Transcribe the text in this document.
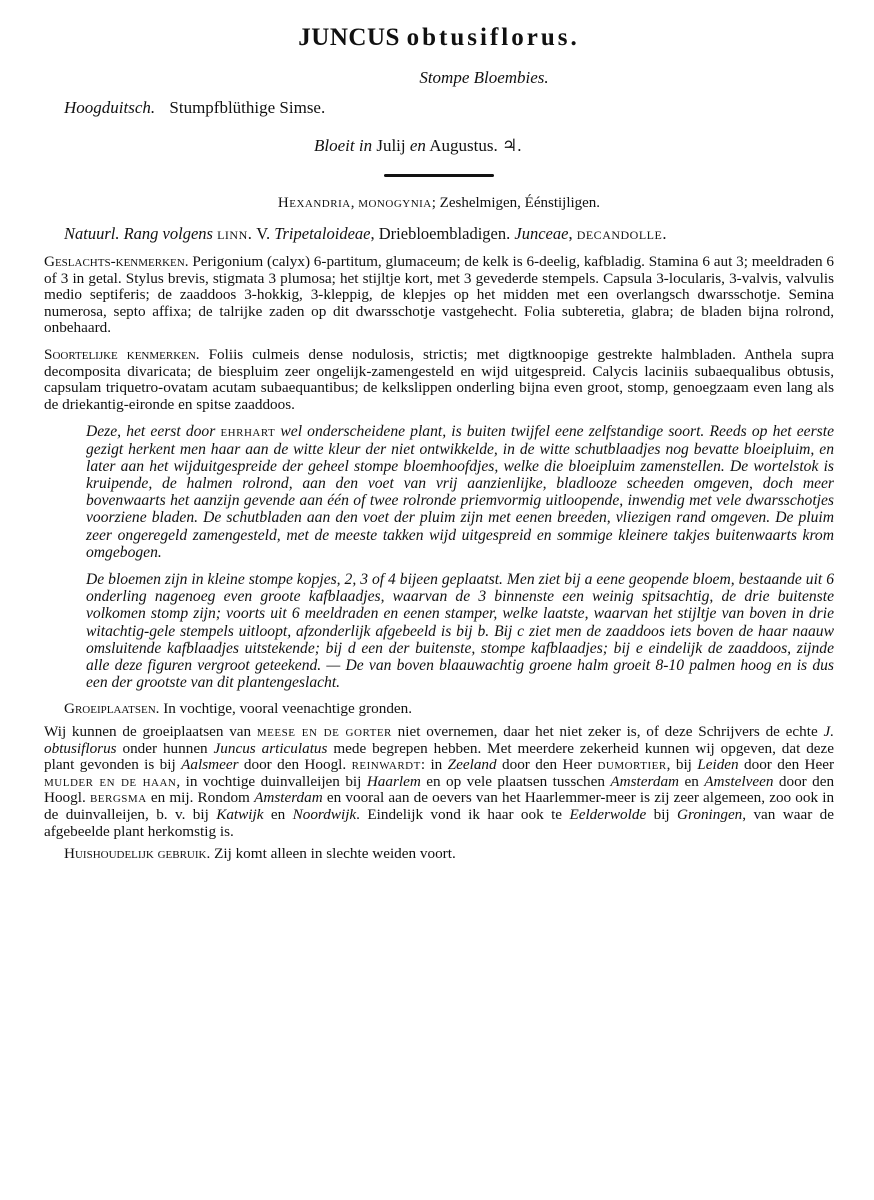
JUNCUS obtusiflorus.
Stompe Bloembies.
Hoogduitsch. Stumpfblüthige Simse.
Bloeit in Julij en Augustus. ♃.
Hexandria, monogynia; Zeshelmigen, Éénstijligen.
Natuurl. Rang volgens linn. V. Tripetaloideae, Driebloembladigen. Junceae, decandolle.

Geslachts-kenmerken. Perigonium (calyx) 6-partitum, glumaceum; de kelk is 6-deelig, kafbladig. Stamina 6 aut 3; meeldraden 6 of 3 in getal. Stylus brevis, stigmata 3 plumosa; het stijltje kort, met 3 gevederde stempels. Capsula 3-locularis, 3-valvis, valvulis medio septiferis; de zaaddoos 3-hokkig, 3-kleppig, de klepjes op het midden met een overlangsch dwarsschotje. Semina numerosa, septo affixa; de talrijke zaden op dit dwarsschotje vastgehecht. Folia subteretia, glabra; de bladen bijna rolrond, onbehaard.

Soortelijke kenmerken. Foliis culmeis dense nodulosis, strictis; met digtknoopige gestrekte halmbladen. Anthela supra decomposita divaricata; de biespluim zeer ongelijk-zamengesteld en wijd uitgespreid. Calycis laciniis subaequalibus obtusis, capsulam triquetro-ovatam acutam subaequantibus; de kelkslippen onderling bijna even groot, stomp, genoegzaam even lang als de driekantig-eironde en spitse zaaddoos.

Deze, het eerst door ehrhart wel onderscheidene plant, is buiten twijfel eene zelfstandige soort. Reeds op het eerste gezigt herkent men haar aan de witte kleur der niet ontwikkelde, in de witte schutblaadjes nog bevatte bloeipluim, en later aan het wijduitgespreide der geheel stompe bloemhoofdjes, welke die bloeipluim zamenstellen. De wortelstok is kruipende, de halmen rolrond, aan den voet van vrij aanzienlijke, bladlooze scheeden omgeven, doch meer bovenwaarts het aanzijn gevende aan één of twee rolronde priemvormig uitloopende, inwendig met vele dwarsschotjes voorziene bladen. De schutbladen aan den voet der pluim zijn met eenen breeden, vliezigen rand omgeven. De pluim zeer ongeregeld zamengesteld, met de meeste takken wijd uitgespreid en sommige kleinere takjes buitenwaarts krom omgebogen.

De bloemen zijn in kleine stompe kopjes, 2, 3 of 4 bijeen geplaatst. Men ziet bij a eene geopende bloem, bestaande uit 6 onderling nagenoeg even groote kafblaadjes, waarvan de 3 binnenste een weinig spitsachtig, de drie buitenste volkomen stomp zijn; voorts uit 6 meeldraden en eenen stamper, welke laatste, waarvan het stijltje van boven in drie witachtig-gele stempels uitloopt, afzonderlijk afgebeeld is bij b. Bij c ziet men de zaaddoos iets boven de haar naauw omsluitende kafblaadjes uitstekende; bij d een der buitenste, stompe kafblaadjes; bij e eindelijk de zaaddoos, zijnde alle deze figuren vergroot geteekend. — De van boven blaauwachtig groene halm groeit 8-10 palmen hoog en is dus een der grootste van dit plantengeslacht.

Groeiplaatsen. In vochtige, vooral veenachtige gronden.

Wij kunnen de groeiplaatsen van meese en de gorter niet overnemen, daar het niet zeker is, of deze Schrijvers de echte J. obtusiflorus onder hunnen Juncus articulatus mede begrepen hebben. Met meerdere zekerheid kunnen wij opgeven, dat deze plant gevonden is bij Aalsmeer door den Hoogl. reinwardt: in Zeeland door den Heer dumortier, bij Leiden door den Heer mulder en de haan, in vochtige duinvalleijen bij Haarlem en op vele plaatsen tusschen Amsterdam en Amstelveen door den Hoogl. bergsma en mij. Rondom Amsterdam en vooral aan de oevers van het Haarlemmer-meer is zij zeer algemeen, zoo ook in de duinvalleijen, b. v. bij Katwijk en Noordwijk. Eindelijk vond ik haar ook te Eelderwolde bij Groningen, van waar de afgebeelde plant herkomstig is.

Huishoudelijk gebruik. Zij komt alleen in slechte weiden voort.
